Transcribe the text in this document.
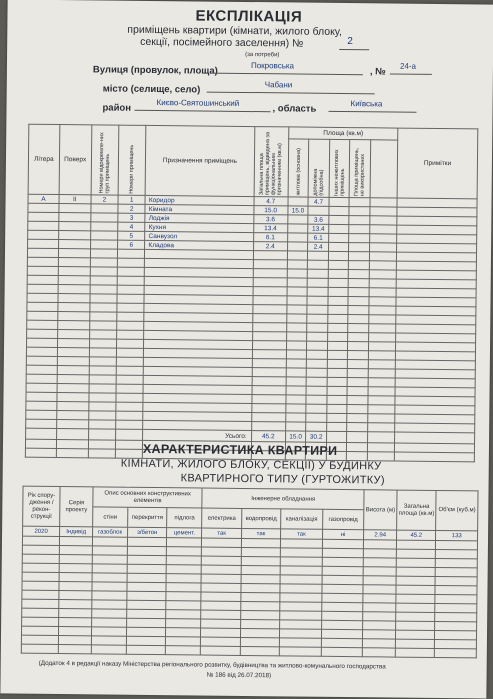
ЕКСПЛІКАЦІЯ
приміщень квартири (кімнати, жилого блоку,
секції, посімейного заселення) №	2
(за потреби)
Вулиця (провулок, площа)	Покровська
, №
24-а
місто (селище, село)	Чабани
район	Києво-Святошинський
, область	Київська
Літера	Поверх	Номери відокремле-них груп приміщень	Номери приміщень	Призначення приміщень	Загальна площа приміщень, відведена за функціональним призначенням (кв.м)	Площа (кв.м)					Примітки

						житлова (основна)	допоміжна (підсобна)	Інших нежитлових приміщень	Площа приміщень, не використаних		

А	II	2	1	Коридор	4.7		4.7				
			2	Кімната	15.0	15.0					
			3	Лоджія	3.6		3.6				
			4	Кухня	13.4		13.4				
			5	Санвузол	6.1		6.1				
			6	Кладова	2.4		2.4				

				Усього:	45.2	15.0	30.2				

ХАРАКТЕРИСТИКА КВАРТИРИ
КІМНАТИ, ЖИЛОГО БЛОКУ, СЕКЦІЇ) У БУДИНКУ
КВАРТИРНОГО ТИПУ (ГУРТОЖИТКУ)
Рік спору-дження / рекон-струкції	Серія проекту	Опис основних конструктивних елементів			Інженерне обладнання				Висота (м)	Загальна площа (кв.м)	Об'єм (куб.м)
		стіни	перекриття	підлога	електрика	водопровід	каналізація	газопровід			
2020	Індивід	газоблок	з/бетон	цемент.	так	так	так	ні	2.94	45.2	133

(Додаток 4 в редакції наказу Міністерства регіонального розвитку, будівництва та житлово-комунального господарства
№ 186 від 26.07.2018)
